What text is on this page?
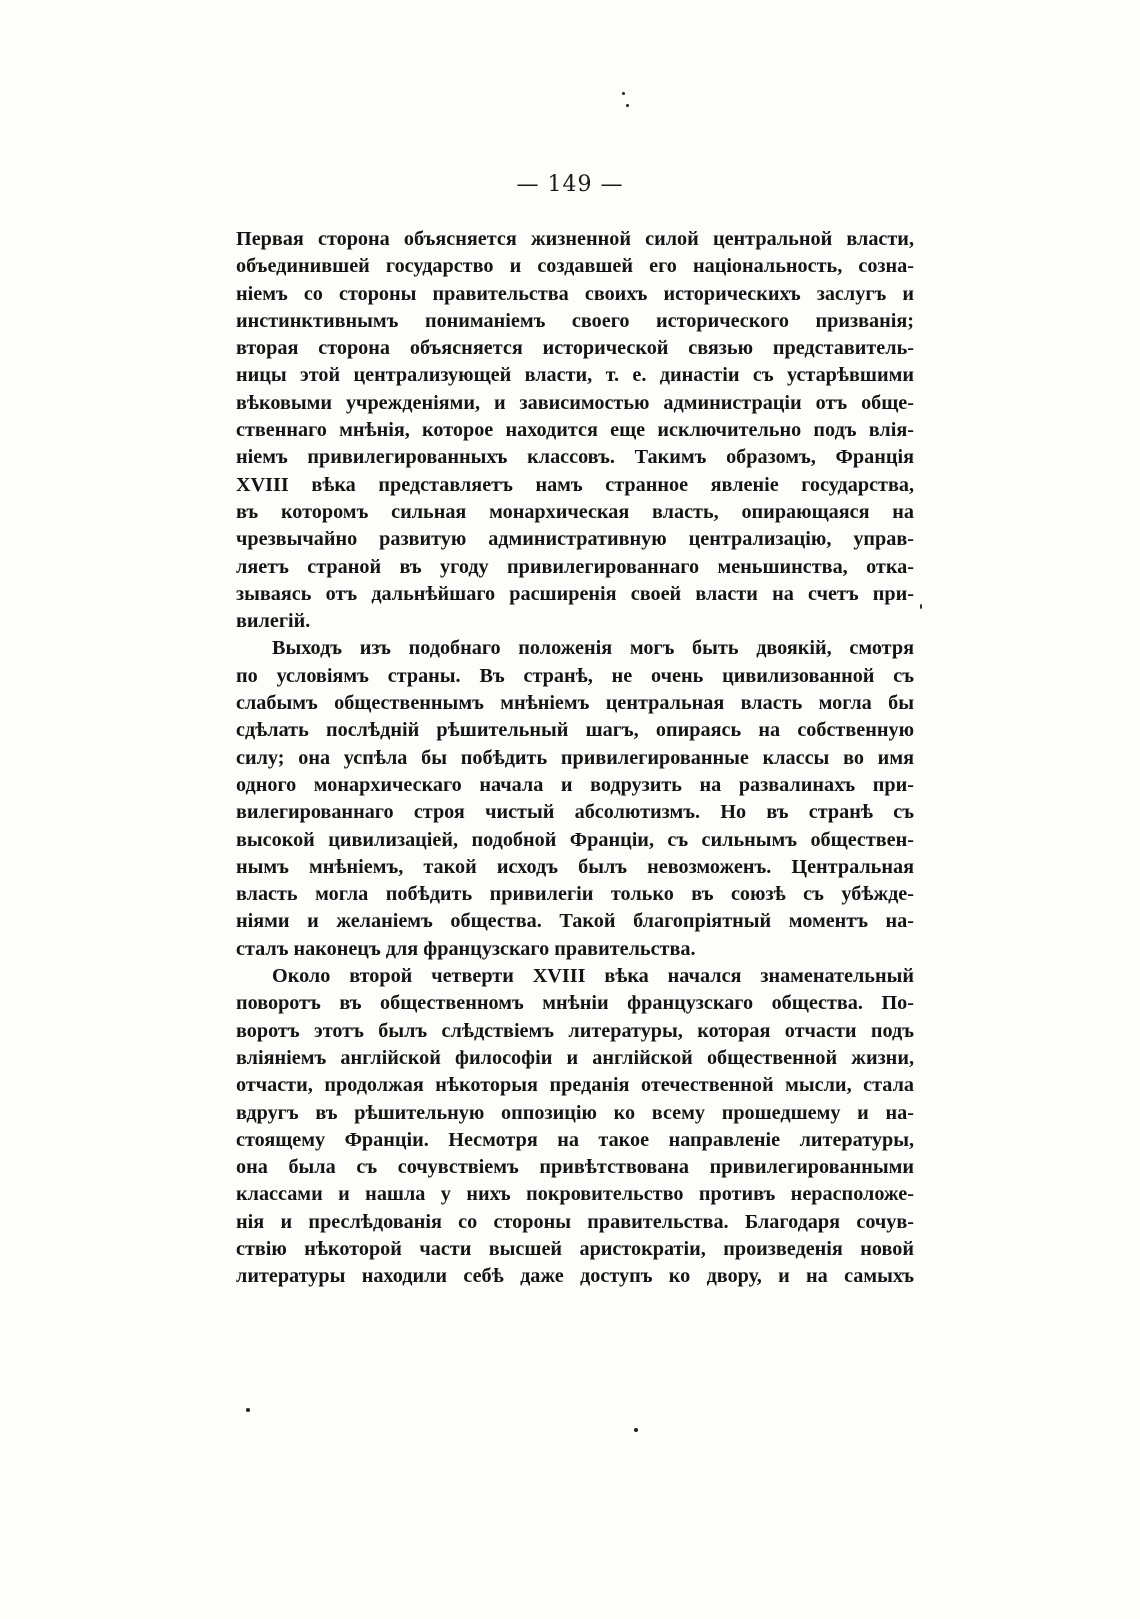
— 149 —
Первая сторона объясняется жизненной силой центральной власти,
объединившей государство и создавшей его національность, созна-
ніемъ со стороны правительства своихъ историческихъ заслугъ и
инстинктивнымъ пониманіемъ своего исторического призванія;
вторая сторона объясняется исторической связью представитель-
ницы этой централизующей власти, т. е. династіи съ устарѣвшими
вѣковыми учрежденіями, и зависимостью администраціи отъ обще-
ственнаго мнѣнія, которое находится еще исключительно подъ влія-
ніемъ привилегированныхъ классовъ. Такимъ образомъ, Франція
XVIII вѣка представляетъ намъ странное явленіе государства,
въ которомъ сильная монархическая власть, опирающаяся на
чрезвычайно развитую административную централизацію, управ-
ляетъ страной въ угоду привилегированнаго меньшинства, отка-
зываясь отъ дальнѣйшаго расширенія своей власти на счетъ при-
вилегій.
Выходъ изъ подобнаго положенія могъ быть двоякій, смотря
по условіямъ страны. Въ странѣ, не очень цивилизованной съ
слабымъ общественнымъ мнѣніемъ центральная власть могла бы
сдѣлать послѣдній рѣшительный шагъ, опираясь на собственную
силу; она успѣла бы побѣдить привилегированные классы во имя
одного монархическаго начала и водрузить на развалинахъ при-
вилегированнаго строя чистый абсолютизмъ. Но въ странѣ съ
высокой цивилизаціей, подобной Франціи, съ сильнымъ обществен-
нымъ мнѣніемъ, такой исходъ былъ невозможенъ. Центральная
власть могла побѣдить привилегіи только въ союзѣ съ убѣжде-
ніями и желаніемъ общества. Такой благопріятный моментъ на-
сталъ наконецъ для французскаго правительства.
Около второй четверти XVIII вѣка начался знаменательный
поворотъ въ общественномъ мнѣніи французскаго общества. По-
воротъ этотъ былъ слѣдствіемъ литературы, которая отчасти подъ
вліяніемъ англійской философіи и англійской общественной жизни,
отчасти, продолжая нѣкоторыя преданія отечественной мысли, стала
вдругъ въ рѣшительную оппозицію ко всему прошедшему и на-
стоящему Франціи. Несмотря на такое направленіе литературы,
она была съ сочувствіемъ привѣтствована привилегированными
классами и нашла у нихъ покровительство противъ нерасположе-
нія и преслѣдованія со стороны правительства. Благодаря сочув-
ствію нѣкоторой части высшей аристократіи, произведенія новой
литературы находили себѣ даже доступъ ко двору, и на самыхъ
